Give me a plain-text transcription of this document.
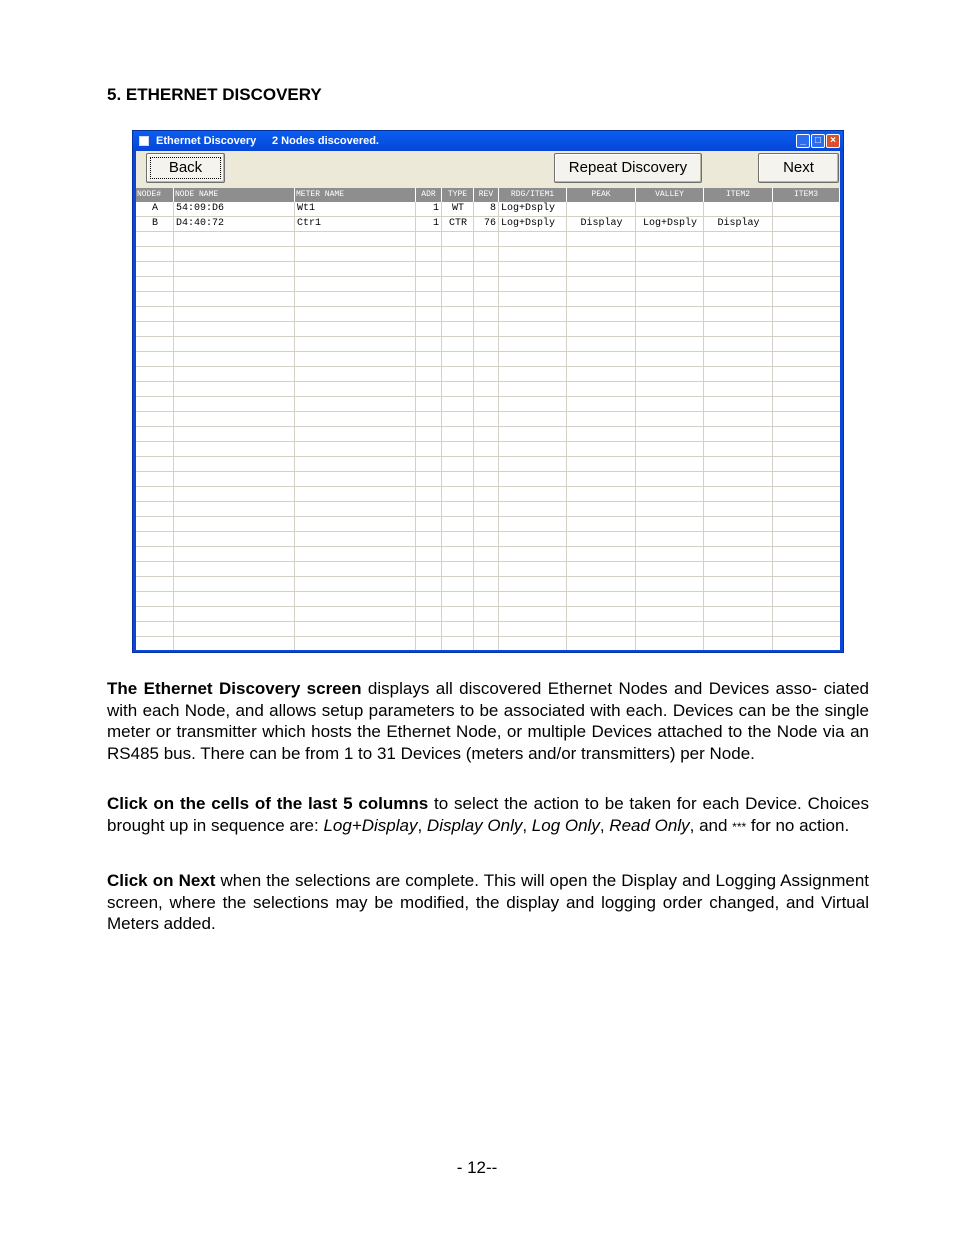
5. ETHERNET DISCOVERY
Ethernet Discovery 2 Nodes discovered.	_ □ ×
Back	Repeat Discovery	Next
NODE#	NODE NAME	METER NAME	ADR	TYPE	REV	RDG/ITEM1	PEAK	VALLEY	ITEM2	ITEM3
A	54:09:D6	Wt1	1	WT	8 Log+Dsply
B	D4:40:72	Ctr1	1 CTR	76 Log+Dsply	Display	Log+Dsply	Display
The Ethernet Discovery screen displays all discovered Ethernet Nodes and Devices asso- ciated with each Node, and allows setup parameters to be associated with each. Devices can be the single meter or transmitter which hosts the Ethernet Node, or multiple Devices attached to the Node via an RS485 bus. There can be from 1 to 31 Devices (meters and/or transmitters) per Node.
Click on the cells of the last 5 columns to select the action to be taken for each Device. Choices brought up in sequence are: Log+Display, Display Only, Log Only, Read Only, and *** for no action.
Click on Next when the selections are complete. This will open the Display and Logging Assignment screen, where the selections may be modified, the display and logging order changed, and Virtual Meters added.
- 12--
